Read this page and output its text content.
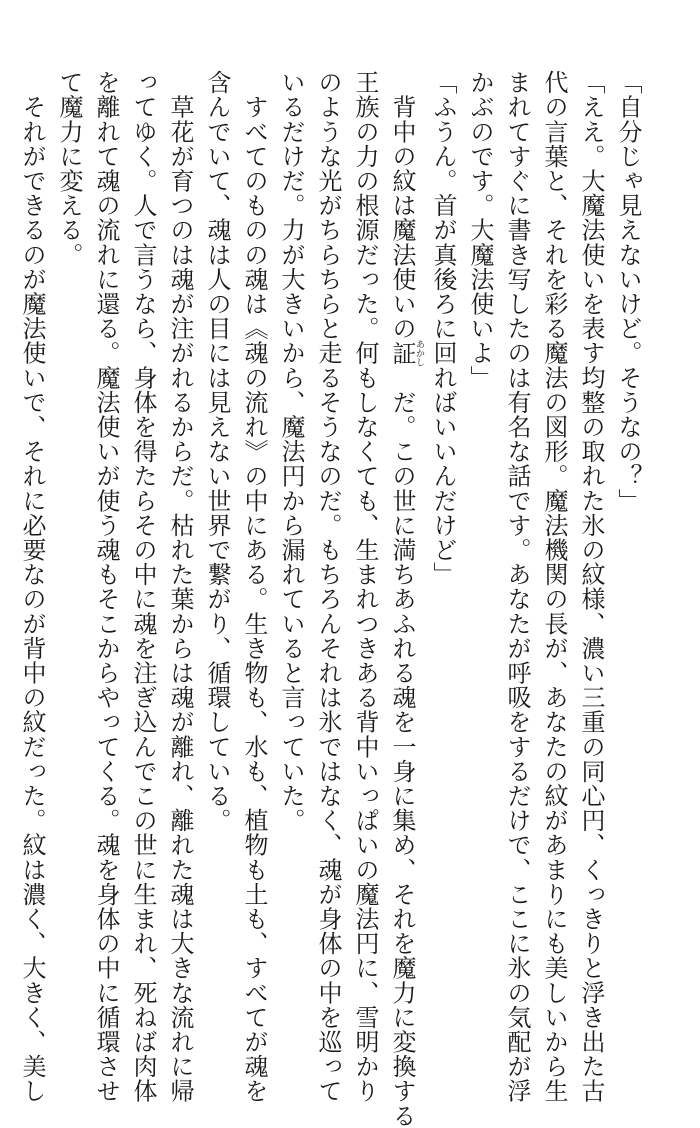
「自分じゃ見えないけど。そうなの？」

「ええ。大魔法使いを表す均整の取れた氷の紋様、濃い三重の同心円、くっきりと浮き出た古

代の言葉と、それを彩る魔法の図形。魔法機関の長が、あなたの紋があまりにも美しいから生

まれてすぐに書き写したのは有名な話です。あなたが呼吸をするだけで、ここに氷の気配が浮

かぶのです。大魔法使いよ」

「ふうん。首が真後ろに回ればいいんだけど」

　背中の紋は魔法使いの証あかし　だ。この世に満ちあふれる魂を一身に集め、それを魔力に変換する

王族の力の根源だった。何もしなくても、生まれつきある背中いっぱいの魔法円に、雪明かり

のような光がちらちらと走るそうなのだ。もちろんそれは氷ではなく、魂が身体の中を巡って

いるだけだ。力が大きいから、魔法円から漏れていると言っていた。

　すべてのものの魂は《魂の流れ》の中にある。生き物も、水も、植物も土も、すべてが魂を

含んでいて、魂は人の目には見えない世界で繋がり、循環している。

　草花が育つのは魂が注がれるからだ。枯れた葉からは魂が離れ、離れた魂は大きな流れに帰

ってゆく。人で言うなら、身体を得たらその中に魂を注ぎ込んでこの世に生まれ、死ねば肉体

を離れて魂の流れに還る。魔法使いが使う魂もそこからやってくる。魂を身体の中に循環させ

て魔力に変える。

　それができるのが魔法使いで、それに必要なのが背中の紋だった。紋は濃く、大きく、美し
